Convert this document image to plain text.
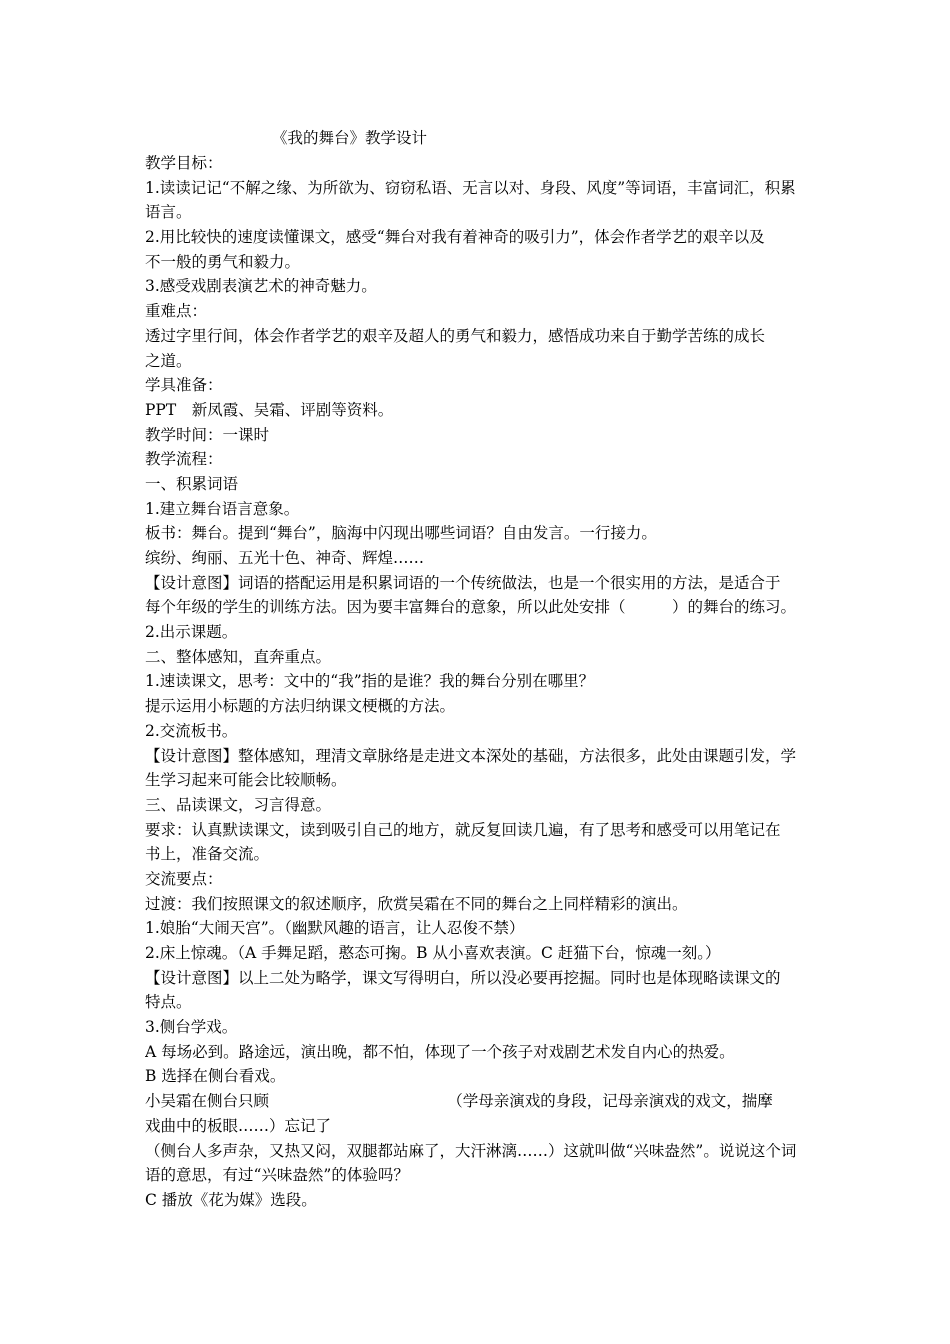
《我的舞台》教学设计
教学目标：
1.读读记记“不解之缘、为所欲为、窃窃私语、无言以对、身段、风度”等词语，丰富词汇，积累
语言。
2.用比较快的速度读懂课文，感受“舞台对我有着神奇的吸引力”，体会作者学艺的艰辛以及
不一般的勇气和毅力。
3.感受戏剧表演艺术的神奇魅力。
重难点：
透过字里行间，体会作者学艺的艰辛及超人的勇气和毅力，感悟成功来自于勤学苦练的成长
之道。
学具准备：
PPT　新凤霞、吴霜、评剧等资料。
教学时间：一课时
教学流程：
一、积累词语
1.建立舞台语言意象。
板书：舞台。提到“舞台”，脑海中闪现出哪些词语？自由发言。一行接力。
缤纷、绚丽、五光十色、神奇、辉煌……
【设计意图】词语的搭配运用是积累词语的一个传统做法，也是一个很实用的方法，是适合于
每个年级的学生的训练方法。因为要丰富舞台的意象，所以此处安排（　　　）的舞台的练习。
2.出示课题。
二、整体感知，直奔重点。
1.速读课文，思考：文中的“我”指的是谁？我的舞台分别在哪里？
提示运用小标题的方法归纳课文梗概的方法。
2.交流板书。
【设计意图】整体感知，理清文章脉络是走进文本深处的基础，方法很多，此处由课题引发，学
生学习起来可能会比较顺畅。
三、品读课文，习言得意。
要求：认真默读课文，读到吸引自己的地方，就反复回读几遍，有了思考和感受可以用笔记在
书上，准备交流。
交流要点：
过渡：我们按照课文的叙述顺序，欣赏吴霜在不同的舞台之上同样精彩的演出。
1.娘胎“大闹天宫”。（幽默风趣的语言，让人忍俊不禁）
2.床上惊魂。（A 手舞足蹈，憨态可掬。B 从小喜欢表演。C 赶猫下台，惊魂一刻。）
【设计意图】以上二处为略学，课文写得明白，所以没必要再挖掘。同时也是体现略读课文的
特点。
3.侧台学戏。
A 每场必到。路途远，演出晚，都不怕，体现了一个孩子对戏剧艺术发自内心的热爱。
B 选择在侧台看戏。
小吴霜在侧台只顾　　　　　　　　　　　　（学母亲演戏的身段，记母亲演戏的戏文，揣摩
戏曲中的板眼……）忘记了
（侧台人多声杂，又热又闷，双腿都站麻了，大汗淋漓……）这就叫做“兴味盎然”。说说这个词
语的意思，有过“兴味盎然”的体验吗？
C 播放《花为媒》选段。
